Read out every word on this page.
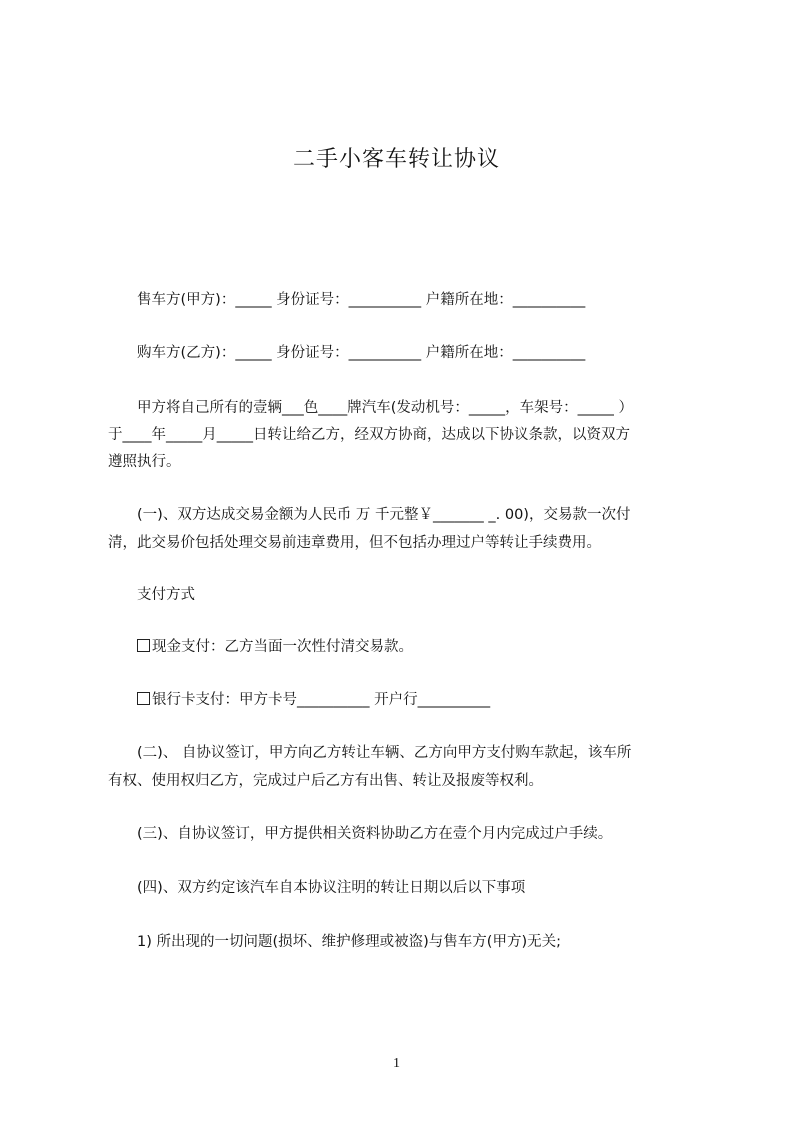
二手小客车转让协议

售车方(甲方)：_____ 身份证号：__________ 户籍所在地：__________

购车方(乙方)：_____ 身份证号：__________ 户籍所在地：__________

甲方将自己所有的壹辆___色____牌汽车(发动机号：_____，车架号：_____ ）

于____年_____月_____日转让给乙方，经双方协商，达成以下协议条款，以资双方

遵照执行。

(一)、双方达成交易金额为人民币 万 千元整￥_______ _. 00)，交易款一次付

清，此交易价包括处理交易前违章费用，但不包括办理过户等转让手续费用。

支付方式

现金支付：乙方当面一次性付清交易款。

银行卡支付：甲方卡号__________ 开户行__________

(二)、 自协议签订，甲方向乙方转让车辆、乙方向甲方支付购车款起，该车所

有权、使用权归乙方，完成过户后乙方有出售、转让及报废等权利。

(三)、自协议签订，甲方提供相关资料协助乙方在壹个月内完成过户手续。

(四)、双方约定该汽车自本协议注明的转让日期以后以下事项

1) 所出现的一切问题(损坏、维护修理或被盗)与售车方(甲方)无关;

1
